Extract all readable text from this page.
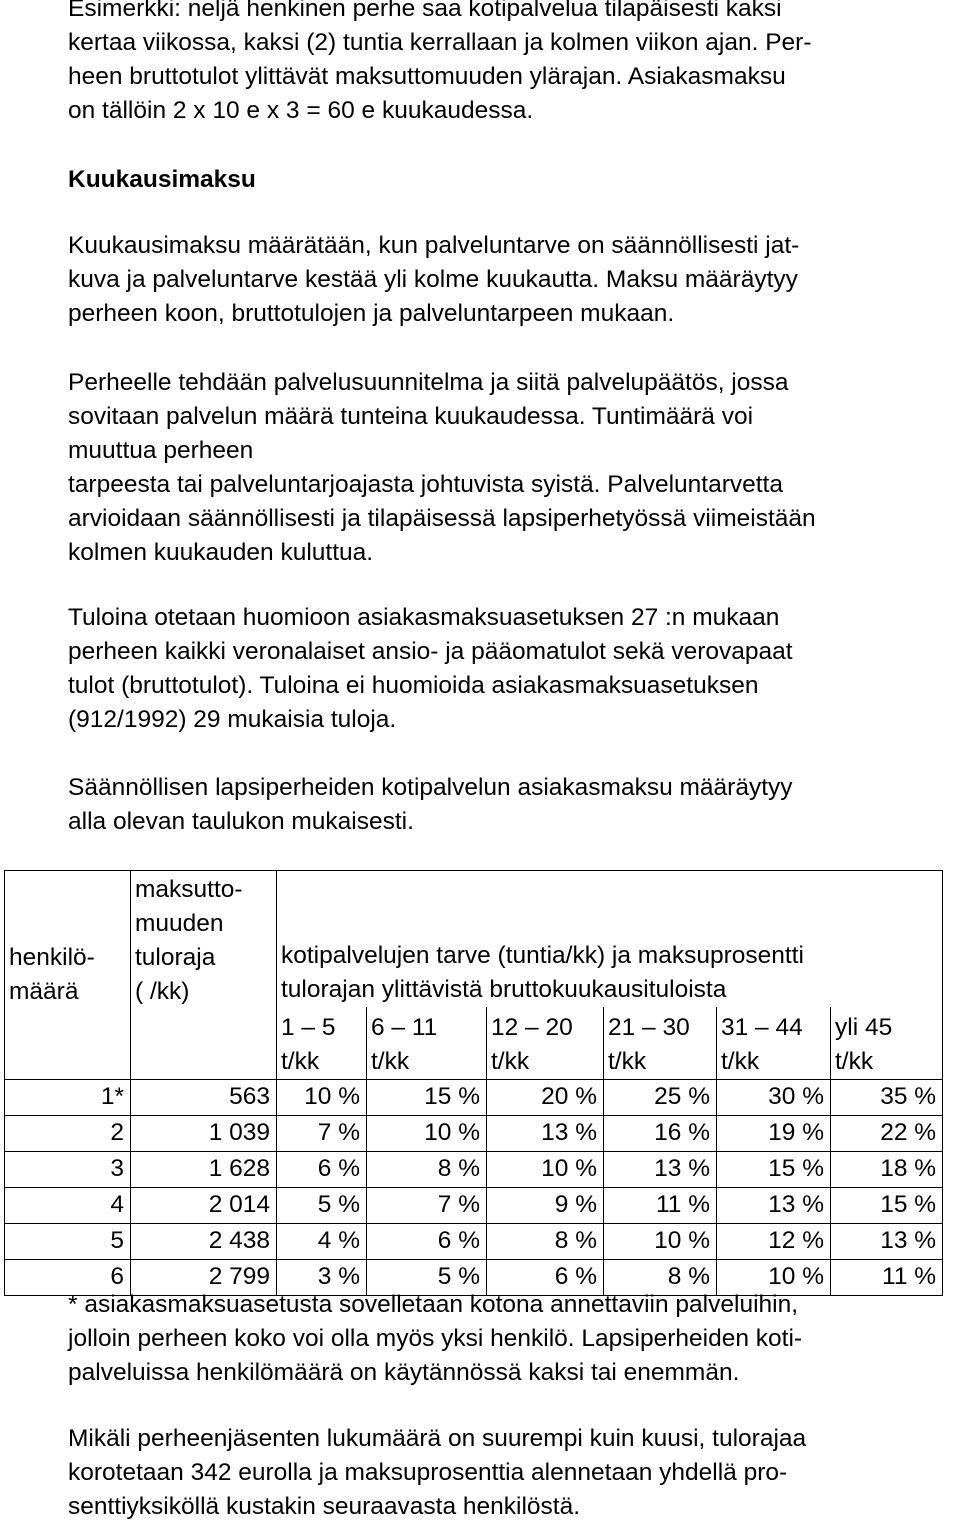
Esimerkki: neljä henkinen perhe saa kotipalvelua tilapäisesti kaksi
kertaa viikossa, kaksi (2) tuntia kerrallaan ja kolmen viikon ajan. Per-
heen bruttotulot ylittävät maksuttomuuden ylärajan. Asiakasmaksu
on tällöin 2 x 10 e x 3 = 60 e kuukaudessa.

Kuukausimaksu

Kuukausimaksu määrätään, kun palveluntarve on säännöllisesti jat-
kuva ja palveluntarve kestää yli kolme kuukautta. Maksu määräytyy
perheen koon, bruttotulojen ja palveluntarpeen mukaan.

Perheelle tehdään palvelusuunnitelma ja siitä palvelupäätös, jossa
sovitaan palvelun määrä tunteina kuukaudessa. Tuntimäärä voi
muuttua perheen
tarpeesta tai palveluntarjoajasta johtuvista syistä. Palveluntarvetta
arvioidaan säännöllisesti ja tilapäisessä lapsiperhetyössä viimeistään
kolmen kuukauden kuluttua.

Tuloina otetaan huomioon asiakasmaksuasetuksen 27 :n mukaan
perheen kaikki veronalaiset ansio- ja pääomatulot sekä verovapaat
tulot (bruttotulot). Tuloina ei huomioida asiakasmaksuasetuksen
(912/1992) 29 mukaisia tuloja.

Säännöllisen lapsiperheiden kotipalvelun asiakasmaksu määräytyy
alla olevan taulukon mukaisesti.

henkilö-
määrä	maksutto-
muuden
tuloraja
( /kk)	kotipalvelujen tarve (tuntia/kk) ja maksuprosentti
tulorajan ylittävistä bruttokuukausituloista					

		1 – 5
t/kk	6 – 11
t/kk	12 – 20
t/kk	21 – 30
t/kk	31 – 44
t/kk	yli 45
t/kk

1*	563	10 %	15 %	20 %	25 %	30 %	35 %
2	1 039	7 %	10 %	13 %	16 %	19 %	22 %
3	1 628	6 %	8 %	10 %	13 %	15 %	18 %
4	2 014	5 %	7 %	9 %	11 %	13 %	15 %
5	2 438	4 %	6 %	8 %	10 %	12 %	13 %
6	2 799	3 %	5 %	6 %	8 %	10 %	11 %

* asiakasmaksuasetusta sovelletaan kotona annettaviin palveluihin,
jolloin perheen koko voi olla myös yksi henkilö. Lapsiperheiden koti-
palveluissa henkilömäärä on käytännössä kaksi tai enemmän.

Mikäli perheenjäsenten lukumäärä on suurempi kuin kuusi, tulorajaa
korotetaan 342 eurolla ja maksuprosenttia alennetaan yhdellä pro-
senttiyksiköllä kustakin seuraavasta henkilöstä.
